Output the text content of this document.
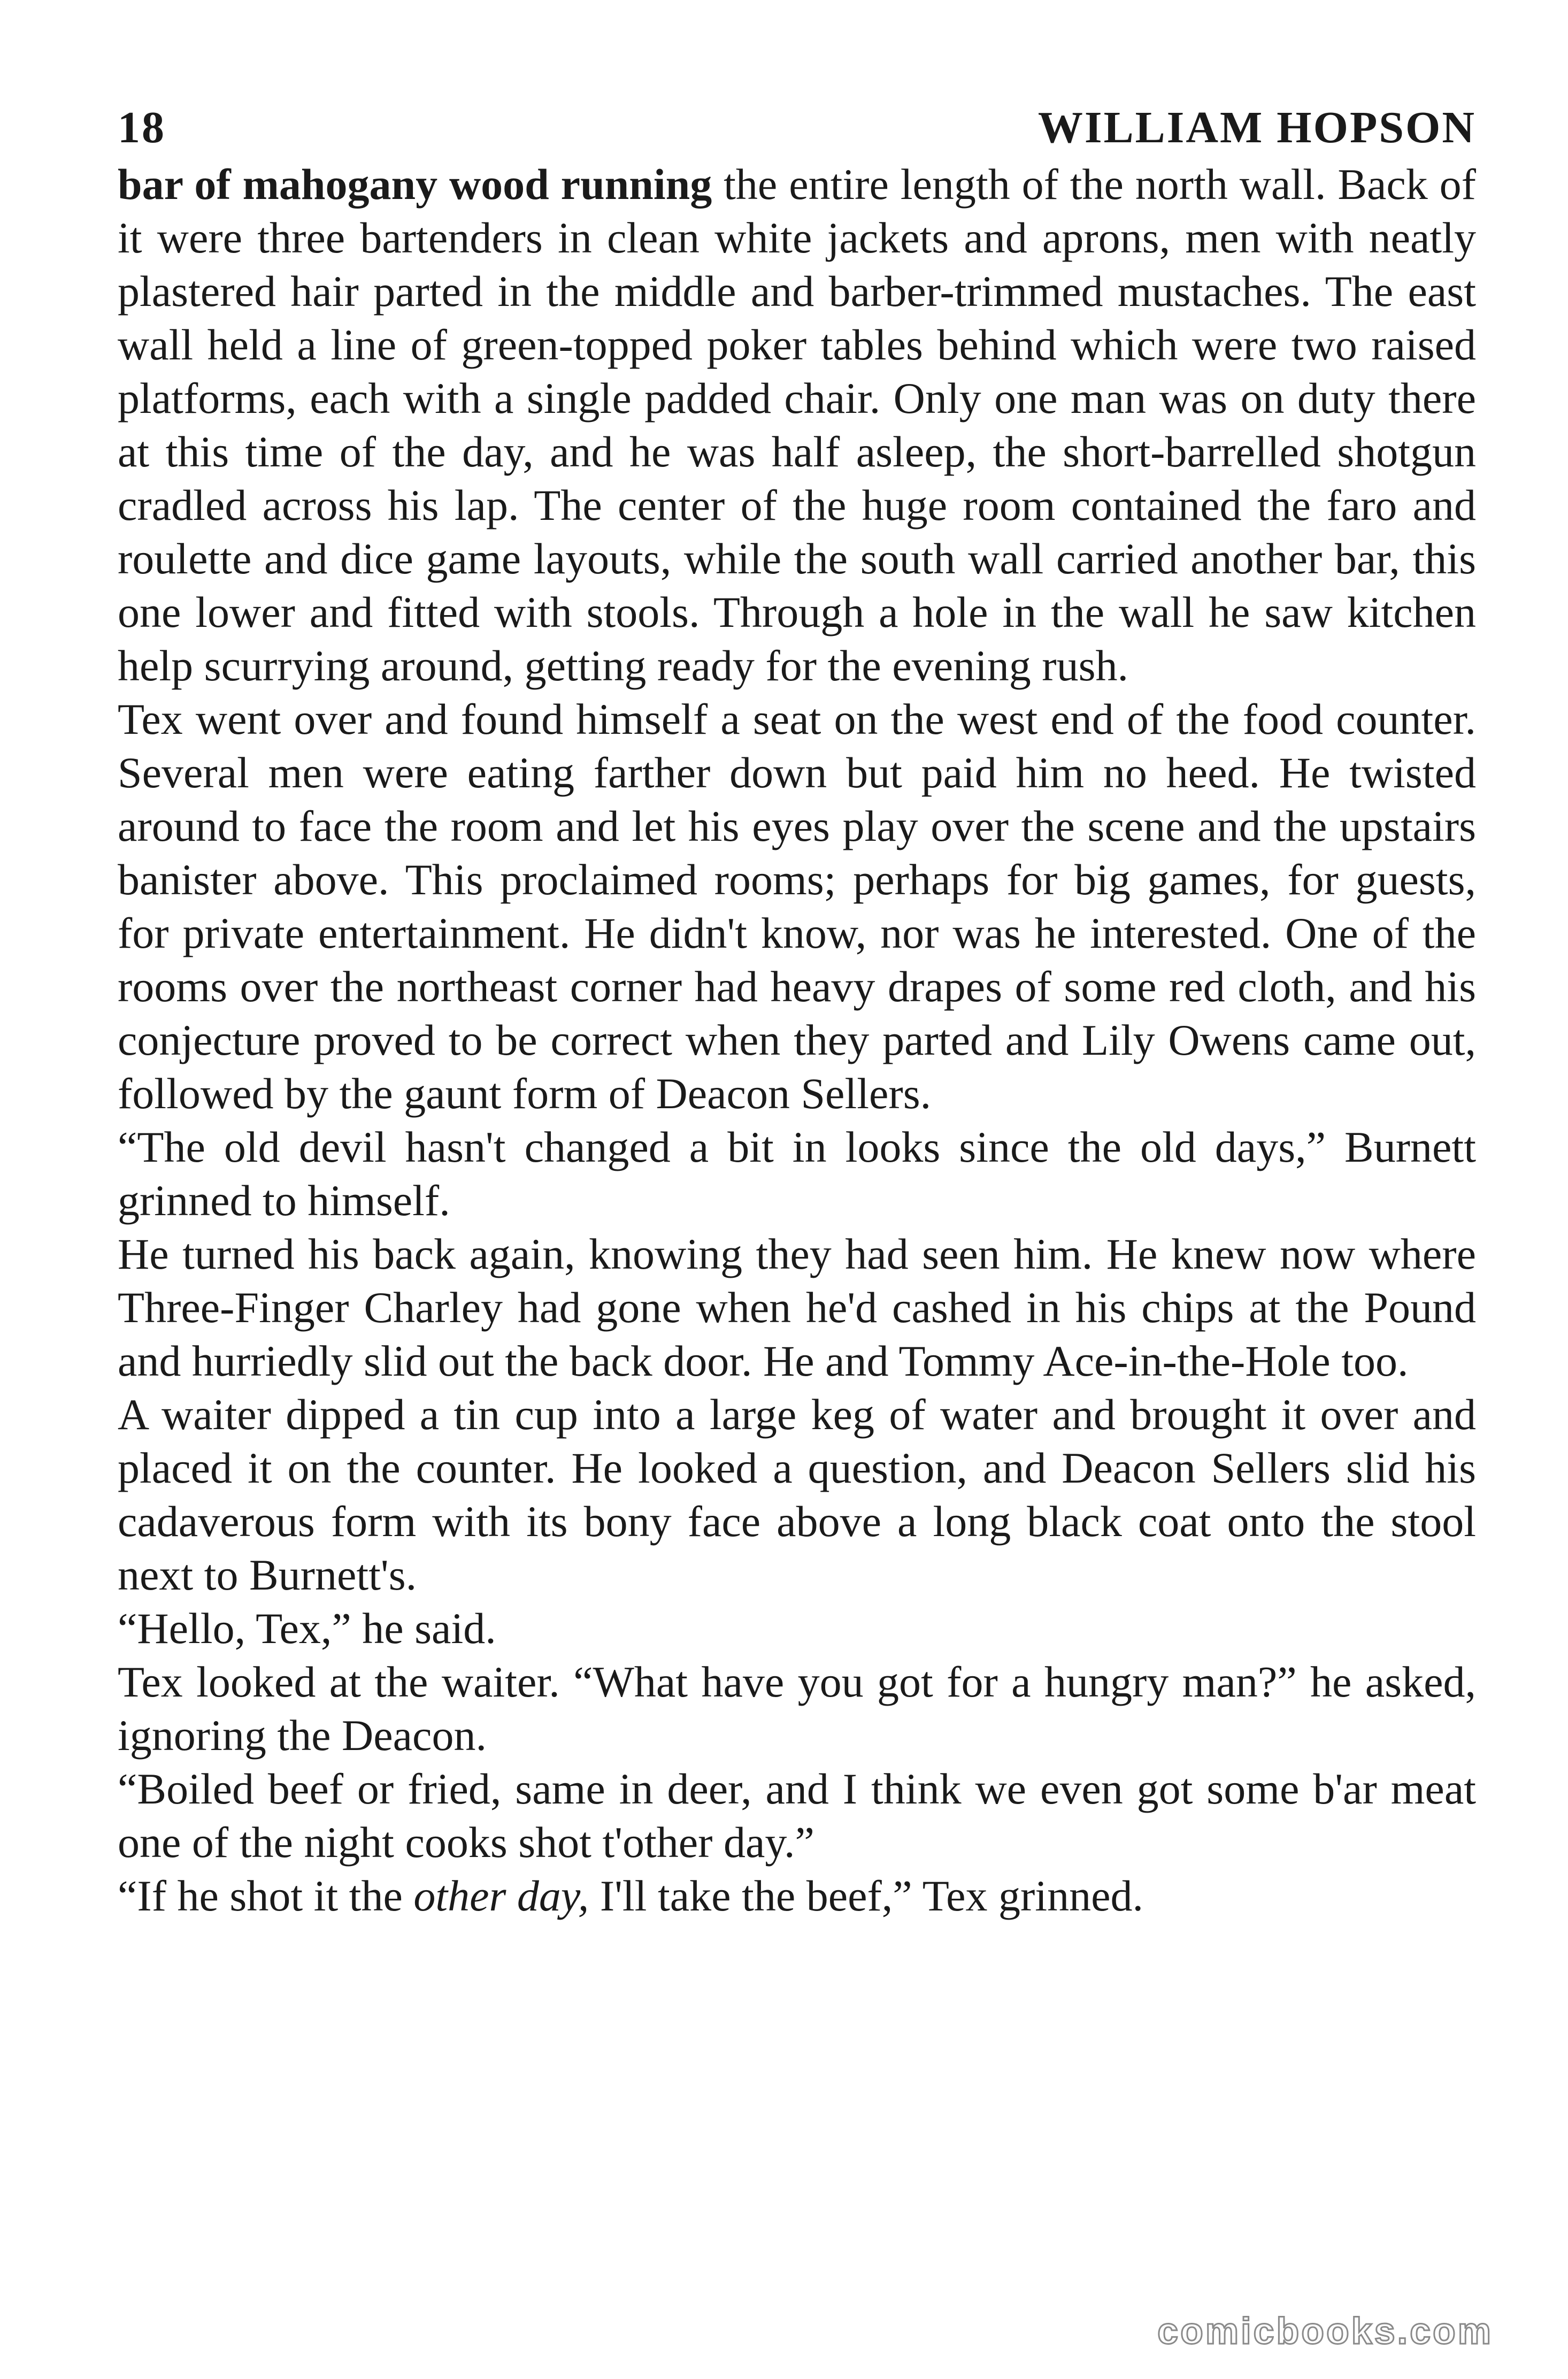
18	WILLIAM HOPSON

bar of mahogany wood running the entire length of the north wall. Back of it were three bartenders in clean white jackets and aprons, men with neatly plastered hair parted in the middle and barber-trimmed mustaches. The east wall held a line of green-topped poker tables behind which were two raised platforms, each with a single padded chair. Only one man was on duty there at this time of the day, and he was half asleep, the short-barrelled shotgun cradled across his lap. The center of the huge room contained the faro and roulette and dice game layouts, while the south wall carried another bar, this one lower and fitted with stools. Through a hole in the wall he saw kitchen help scurrying around, getting ready for the evening rush.

Tex went over and found himself a seat on the west end of the food counter. Several men were eating farther down but paid him no heed. He twisted around to face the room and let his eyes play over the scene and the upstairs banister above. This proclaimed rooms; perhaps for big games, for guests, for private entertainment. He didn't know, nor was he interested. One of the rooms over the northeast corner had heavy drapes of some red cloth, and his conjecture proved to be correct when they parted and Lily Owens came out, followed by the gaunt form of Deacon Sellers.

“The old devil hasn't changed a bit in looks since the old days,” Burnett grinned to himself.

He turned his back again, knowing they had seen him. He knew now where Three-Finger Charley had gone when he'd cashed in his chips at the Pound and hurriedly slid out the back door. He and Tommy Ace-in-the-Hole too.

A waiter dipped a tin cup into a large keg of water and brought it over and placed it on the counter. He looked a question, and Deacon Sellers slid his cadaverous form with its bony face above a long black coat onto the stool next to Burnett's.

“Hello, Tex,” he said.

Tex looked at the waiter. “What have you got for a hungry man?” he asked, ignoring the Deacon.

“Boiled beef or fried, same in deer, and I think we even got some b'ar meat one of the night cooks shot t'other day.”

“If he shot it the other day, I'll take the beef,” Tex grinned.

comicbooks.com
